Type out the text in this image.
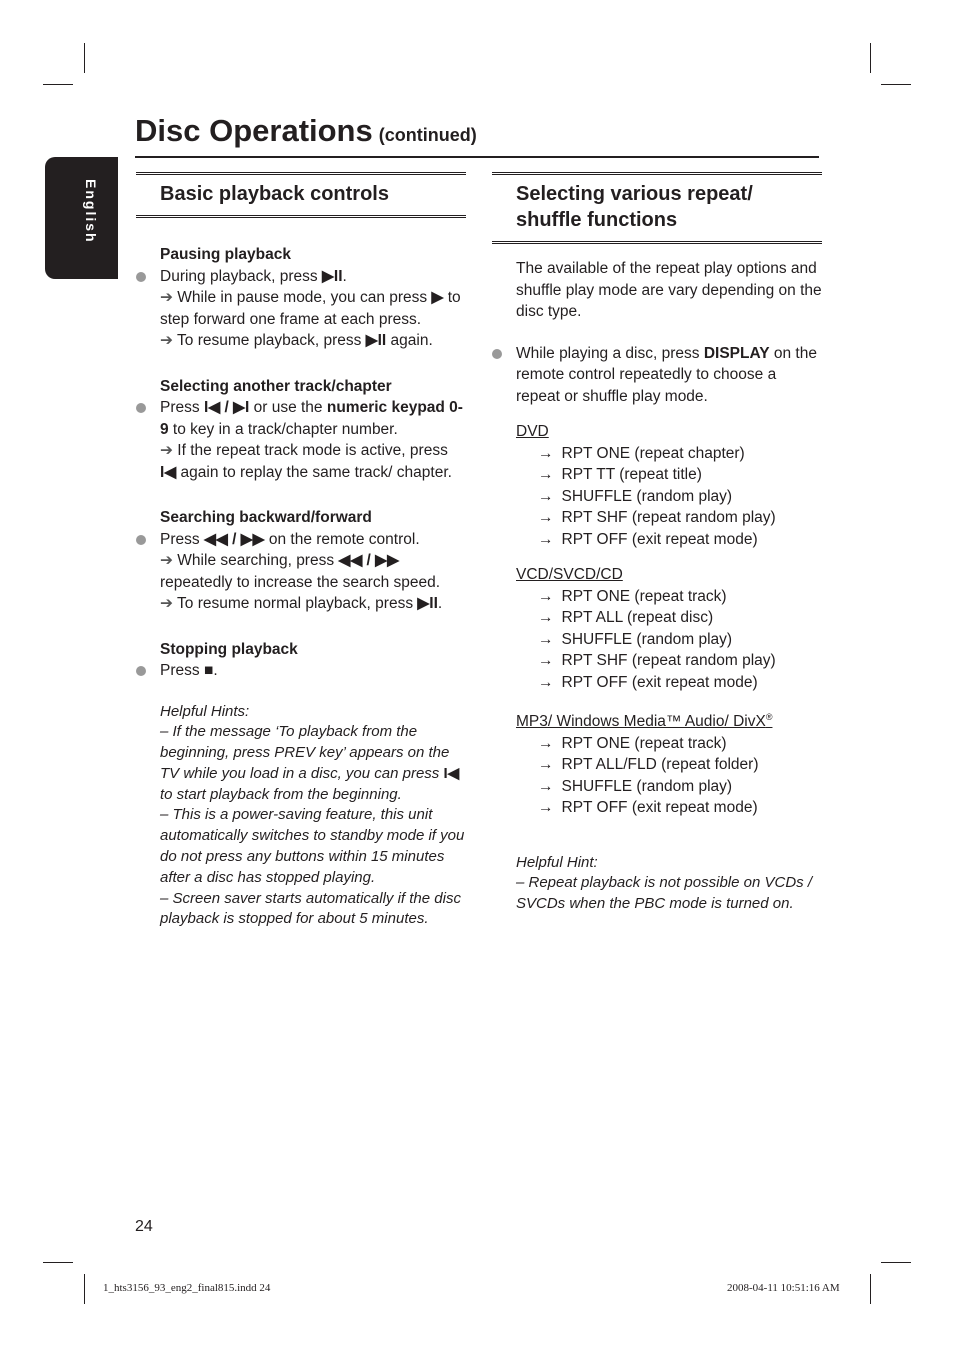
English
Disc Operations (continued)
Basic playback controls
Pausing playback
During playback, press ▶II.
➔ While in pause mode, you can press ▶ to step forward one frame at each press.
➔ To resume playback, press ▶II again.
Selecting another track/chapter
Press I◀ / ▶I or use the numeric keypad 0-9 to key in a track/chapter number.
➔ If the repeat track mode is active, press I◀ again to replay the same track/ chapter.
Searching backward/forward
Press ◀◀ / ▶▶ on the remote control.
➔ While searching, press ◀◀ / ▶▶ repeatedly to increase the search speed.
➔ To resume normal playback, press ▶II.
Stopping playback
Press ■.
Helpful Hints:
– If the message ‘To playback from the beginning, press PREV key’ appears on the TV while you load in a disc, you can press I◀ to start playback from the beginning.
– This is a power-saving feature, this unit automatically switches to standby mode if you do not press any buttons within 15 minutes after a disc has stopped playing.
– Screen saver starts automatically if the disc playback is stopped for about 5 minutes.
Selecting various repeat/ shuffle functions
The available of the repeat play options and shuffle play mode are vary depending on the disc type.
While playing a disc, press DISPLAY on the remote control repeatedly to choose a repeat or shuffle play mode.
DVD
→ RPT ONE (repeat chapter)
→ RPT TT (repeat title)
→ SHUFFLE (random play)
→ RPT SHF (repeat random play)
→ RPT OFF (exit repeat mode)
VCD/SVCD/CD
→ RPT ONE (repeat track)
→ RPT ALL (repeat disc)
→ SHUFFLE (random play)
→ RPT SHF (repeat random play)
→ RPT OFF (exit repeat mode)
MP3/ Windows Media™ Audio/ DivX®
→ RPT ONE (repeat track)
→ RPT ALL/FLD (repeat folder)
→ SHUFFLE (random play)
→ RPT OFF (exit repeat mode)
Helpful Hint:
– Repeat playback is not possible on VCDs / SVCDs when the PBC mode is turned on.
24
1_hts3156_93_eng2_final815.indd 24	2008-04-11 10:51:16 AM
